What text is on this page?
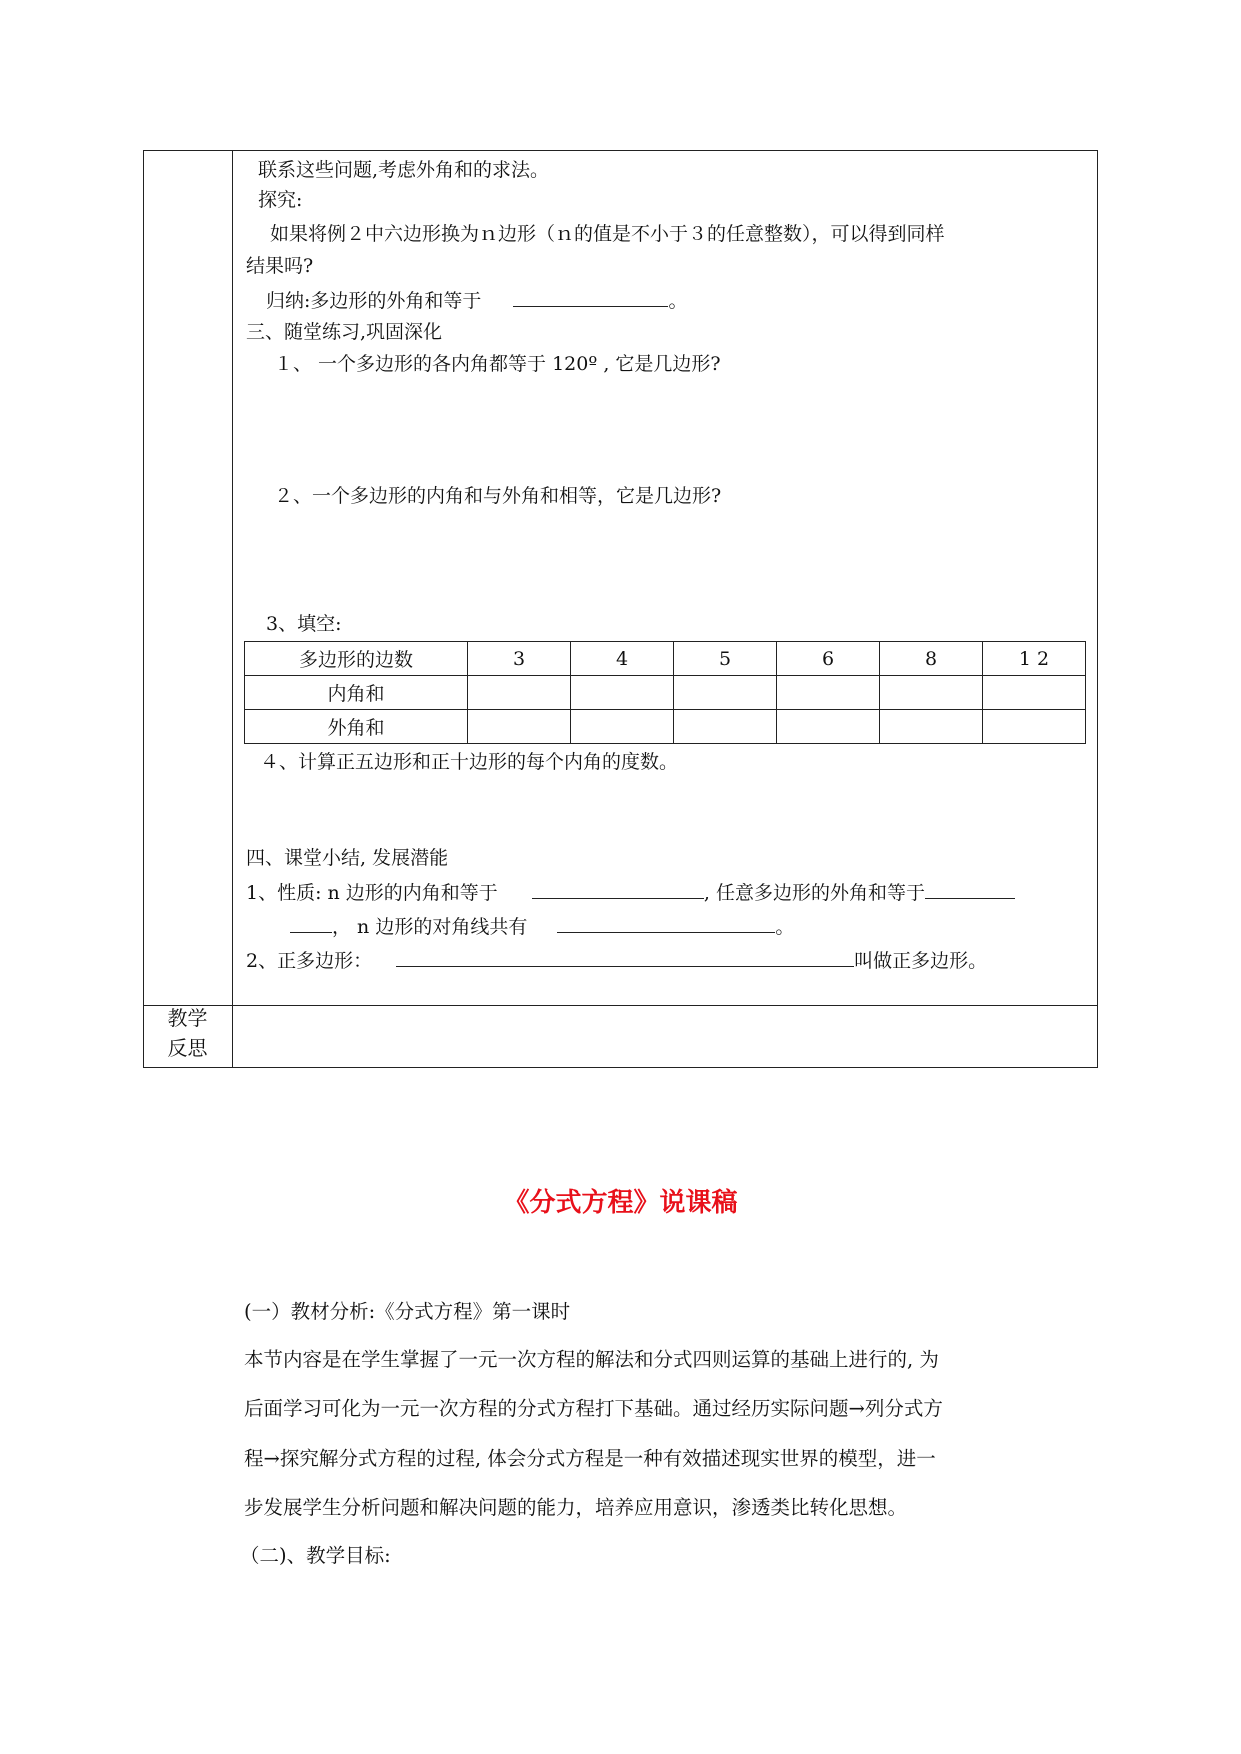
联系这些问题,考虑外角和的求法。
探究:
如果将例２中六边形换为ｎ边形（ｎ的值是不小于３的任意整数），可以得到同样
结果吗?
归纳:多边形的外角和等于	。
三、随堂练习,巩固深化
１、 一个多边形的各内角都等于 120º , 它是几边形?
２、一个多边形的内角和与外角和相等，它是几边形?
3、填空:
多边形的边数	3	4	5	6	8	1 2
内角和						
外角和						
４、计算正五边形和正十边形的每个内角的度数。
四、课堂小结, 发展潜能
1、性质: n 边形的内角和等于	, 任意多边形的外角和等于
， n 边形的对角线共有	。
2、正多边形：	叫做正多边形。
教学
反思
《分式方程》说课稿
(一）教材分析:《分式方程》第一课时
本节内容是在学生掌握了一元一次方程的解法和分式四则运算的基础上进行的, 为
后面学习可化为一元一次方程的分式方程打下基础。通过经历实际问题→列分式方
程→探究解分式方程的过程, 体会分式方程是一种有效描述现实世界的模型，进一
步发展学生分析问题和解决问题的能力，培养应用意识，渗透类比转化思想。
（二)、教学目标:
